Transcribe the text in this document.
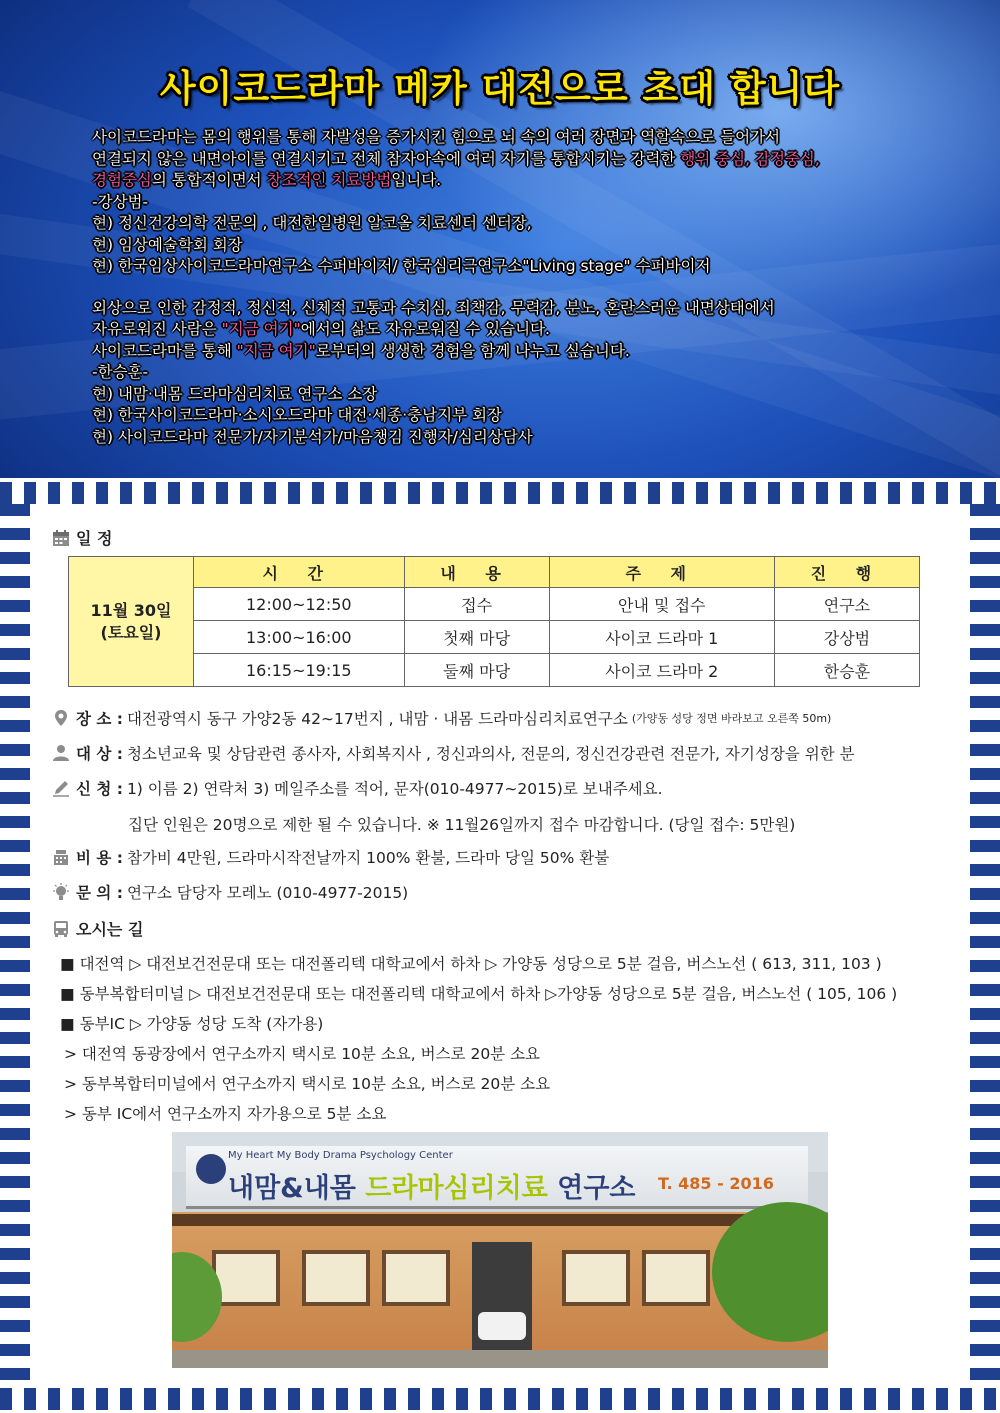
사이코드라마 메카 대전으로 초대 합니다

사이코드라마는 몸의 행위를 통해 자발성을 증가시킨 힘으로 뇌 속의 여러 장면과 역할속으로 들어가서

연결되지 않은 내면아이를 연결시키고 전체 참자아속에 여러 자기를 통합시키는 강력한 행위 중심, 감정중심,

경험중심의 통합적이면서 창조적인 치료방법입니다.

-강상범-

현) 정신건강의학 전문의 , 대전한일병원 알코올 치료센터 센터장,

현) 임상예술학회 회장

현) 한국임상사이코드라마연구소 수퍼바이저/ 한국심리극연구소"Living stage" 수퍼바이저

외상으로 인한 감정적, 정신적, 신체적 고통과 수치심, 죄책감, 무력감, 분노, 혼란스러운 내면상태에서

자유로워진 사람은 "지금 여기"에서의 삶도 자유로워질 수 있습니다.

사이코드라마를 통해 "지금 여기"로부터의 생생한 경험을 함께 나누고 싶습니다.

-한승훈-

현) 내맘·내몸 드라마심리치료 연구소 소장

현) 한국사이코드라마·소시오드라마 대전·세종·충남지부 회장

현) 사이코드라마 전문가/자기분석가/마음챙김 진행자/심리상담사

일 정
11월 30일
(토요일)	시 간	내 용	주 제	진 행
	12:00~12:50	접수	안내 및 접수	연구소
	13:00~16:00	첫째 마당	사이코 드라마 1	강상범
	16:15~19:15	둘째 마당	사이코 드라마 2	한승훈
장 소 : 대전광역시 동구 가양2동 42∼17번지 , 내맘 · 내몸 드라마심리치료연구소 (가양동 성당 정면 바라보고 오른쪽 50m)
대 상 : 청소년교육 및 상담관련 종사자, 사회복지사 , 정신과의사, 전문의, 정신건강관련 전문가, 자기성장을 위한 분
신 청 : 1) 이름 2) 연락처 3) 메일주소를 적어, 문자(010-4977∼2015)로 보내주세요.
집단 인원은 20명으로 제한 될 수 있습니다. ※ 11월26일까지 접수 마감합니다. (당일 접수: 5만원)
비 용 : 참가비 4만원, 드라마시작전날까지 100% 환불, 드라마 당일 50% 환불
문 의 : 연구소 담당자 모레노 (010-4977-2015)
오시는 길
■ 대전역 ▷ 대전보건전문대 또는 대전폴리텍 대학교에서 하차 ▷ 가양동 성당으로 5분 걸음, 버스노선 ( 613, 311, 103 )
■ 동부복합터미널 ▷ 대전보건전문대 또는 대전폴리텍 대학교에서 하차 ▷가양동 성당으로 5분 걸음, 버스노선 ( 105, 106 )
■ 동부IC ▷ 가양동 성당 도착 (자가용)
> 대전역 동광장에서 연구소까지 택시로 10분 소요, 버스로 20분 소요
> 동부복합터미널에서 연구소까지 택시로 10분 소요, 버스로 20분 소요
> 동부 IC에서 연구소까지 자가용으로 5분 소요
My Heart My Body Drama Psychology Center
내맘&내몸 드라마심리치료 연구소 T. 485 - 2016
